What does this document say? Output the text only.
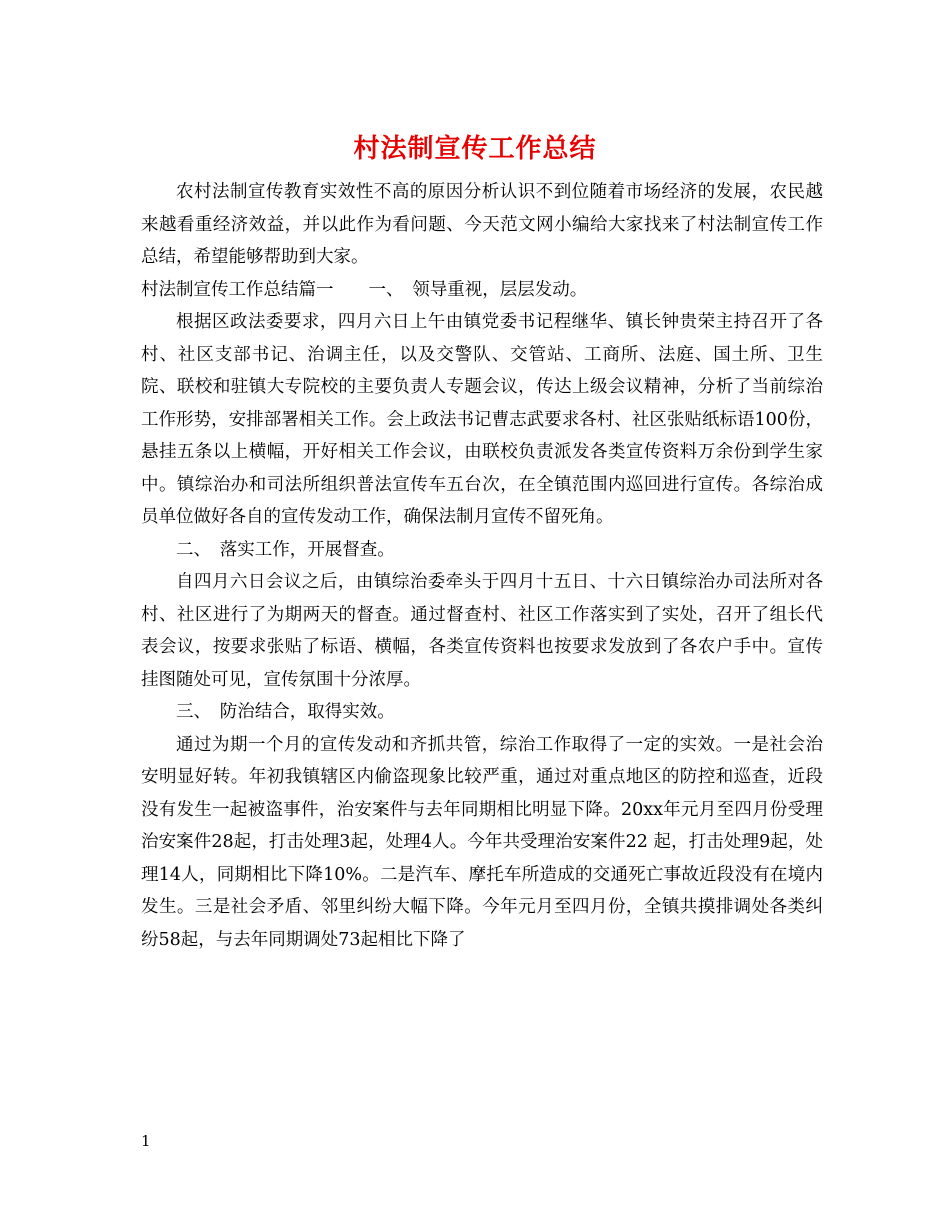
村法制宣传工作总结

农村法制宣传教育实效性不高的原因分析认识不到位随着市场经济的发展，农民越来越看重经济效益，并以此作为看问题、今天范文网小编给大家找来了村法制宣传工作总结，希望能够帮助到大家。

村法制宣传工作总结篇一　　一、　领导重视，层层发动。

根据区政法委要求，四月六日上午由镇党委书记程继华、镇长钟贵荣主持召开了各村、社区支部书记、治调主任，以及交警队、交管站、工商所、法庭、国土所、卫生院、联校和驻镇大专院校的主要负责人专题会议，传达上级会议精神，分析了当前综治工作形势，安排部署相关工作。会上政法书记曹志武要求各村、社区张贴纸标语100份，悬挂五条以上横幅，开好相关工作会议，由联校负责派发各类宣传资料万余份到学生家中。镇综治办和司法所组织普法宣传车五台次，在全镇范围内巡回进行宣传。各综治成员单位做好各自的宣传发动工作，确保法制月宣传不留死角。

二、　落实工作，开展督查。

自四月六日会议之后，由镇综治委牵头于四月十五日、十六日镇综治办司法所对各村、社区进行了为期两天的督查。通过督查村、社区工作落实到了实处，召开了组长代表会议，按要求张贴了标语、横幅，各类宣传资料也按要求发放到了各农户手中。宣传挂图随处可见，宣传氛围十分浓厚。

三、　防治结合，取得实效。

通过为期一个月的宣传发动和齐抓共管，综治工作取得了一定的实效。一是社会治安明显好转。年初我镇辖区内偷盗现象比较严重，通过对重点地区的防控和巡查，近段没有发生一起被盗事件，治安案件与去年同期相比明显下降。20xx年元月至四月份受理治安案件28起，打击处理3起，处理4人。今年共受理治安案件22 起，打击处理9起，处理14人，同期相比下降10%。二是汽车、摩托车所造成的交通死亡事故近段没有在境内发生。三是社会矛盾、邻里纠纷大幅下降。今年元月至四月份，全镇共摸排调处各类纠纷58起，与去年同期调处73起相比下降了

1
